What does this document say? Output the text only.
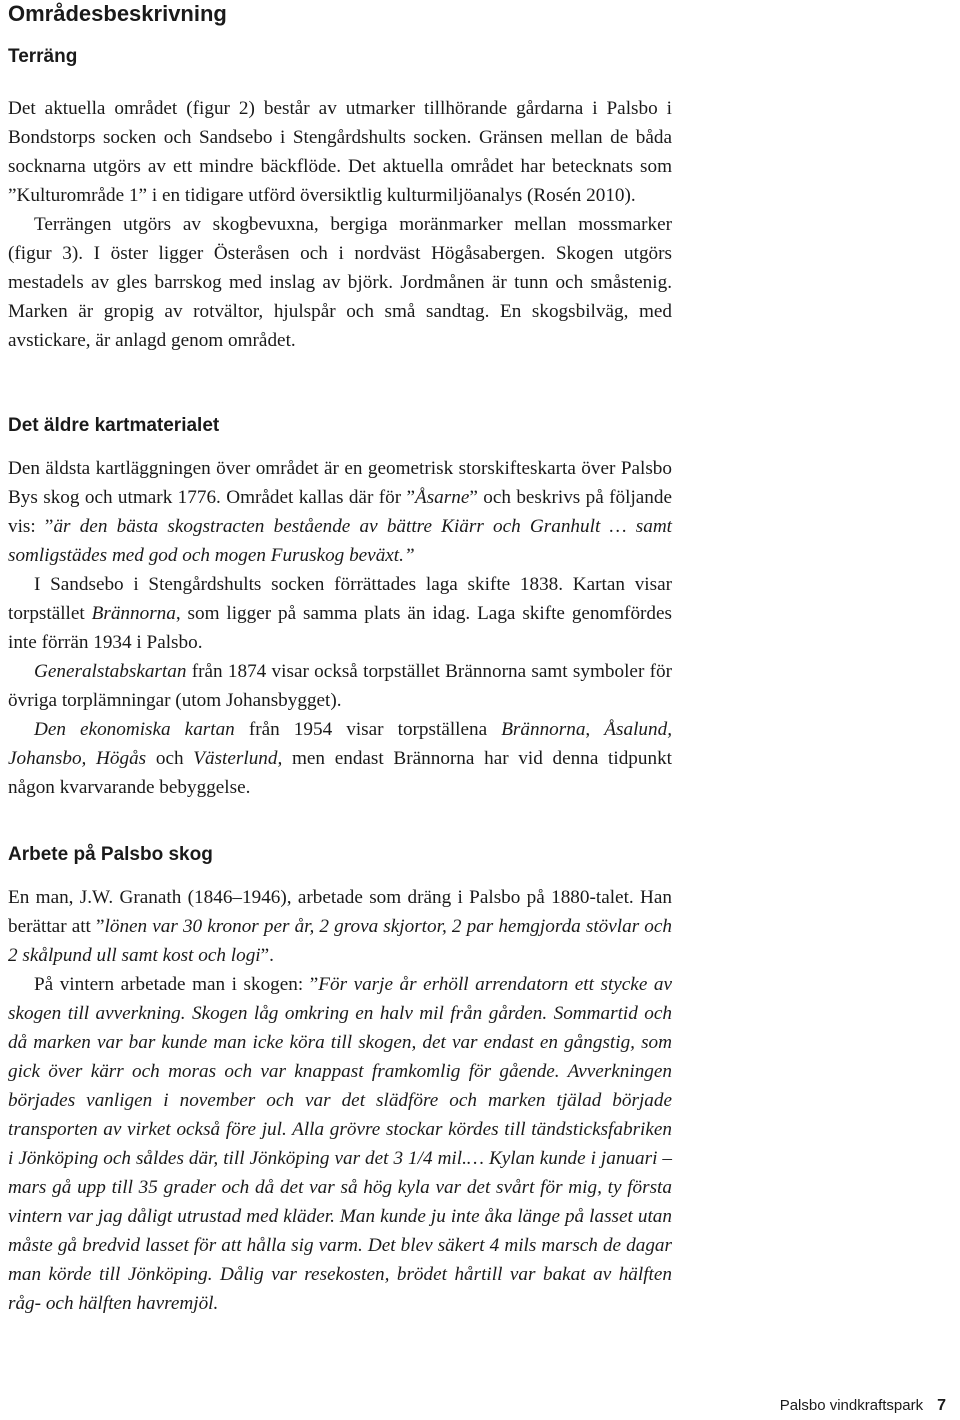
Områdesbeskrivning
Terräng

Det aktuella området (figur 2) består av utmarker tillhörande gårdarna i Palsbo i Bondstorps socken och Sandsebo i Stengårdshults socken. Gränsen mellan de båda socknarna utgörs av ett mindre bäckflöde. Det aktuella området har betecknats som ”Kulturområde 1” i en tidigare utförd översiktlig kulturmiljöanalys (Rosén 2010).

Terrängen utgörs av skogbevuxna, bergiga moränmarker mellan mossmarker (figur 3). I öster ligger Österåsen och i nordväst Högåsabergen. Skogen utgörs mestadels av gles barrskog med inslag av björk. Jordmånen är tunn och småstenig. Marken är gropig av rotvältor, hjulspår och små sandtag. En skogsbilväg, med avstickare, är anlagd genom området.

Det äldre kartmaterialet

Den äldsta kartläggningen över området är en geometrisk storskifteskarta över Palsbo Bys skog och utmark 1776. Området kallas där för ”Åsarne” och beskrivs på följande vis: ”är den bästa skogstracten bestående av bättre Kiärr och Granhult … samt somligstädes med god och mogen Furuskog beväxt.”

I Sandsebo i Stengårdshults socken förrättades laga skifte 1838. Kartan visar torpstället Brännorna, som ligger på samma plats än idag. Laga skifte genomfördes inte förrän 1934 i Palsbo.

Generalstabskartan från 1874 visar också torpstället Brännorna samt symboler för övriga torplämningar (utom Johansbygget).

Den ekonomiska kartan från 1954 visar torpställena Brännorna, Åsalund, Johansbo, Högås och Västerlund, men endast Brännorna har vid denna tidpunkt någon kvarvarande bebyggelse.

Arbete på Palsbo skog

En man, J.W. Granath (1846–1946), arbetade som dräng i Palsbo på 1880-talet. Han berättar att ”lönen var 30 kronor per år, 2 grova skjortor, 2 par hemgjorda stövlar och 2 skålpund ull samt kost och logi”.

På vintern arbetade man i skogen: ”För varje år erhöll arrendatorn ett stycke av skogen till avverkning. Skogen låg omkring en halv mil från gården. Sommartid och då marken var bar kunde man icke köra till skogen, det var endast en gångstig, som gick över kärr och moras och var knappast framkomlig för gående. Avverkningen börjades vanligen i november och var det slädföre och marken tjälad började transporten av virket också före jul. Alla grövre stockar kördes till tändsticksfabriken i Jönköping och såldes där, till Jönköping var det 3 1/4 mil.… Kylan kunde i januari – mars gå upp till 35 grader och då det var så hög kyla var det svårt för mig, ty första vintern var jag dåligt utrustad med kläder. Man kunde ju inte åka länge på lasset utan måste gå bredvid lasset för att hålla sig varm. Det blev säkert 4 mils marsch de dagar man körde till Jönköping. Dålig var resekosten, brödet hårtill var bakat av hälften råg- och hälften havremjöl.

Palsbo vindkraftspark 7
